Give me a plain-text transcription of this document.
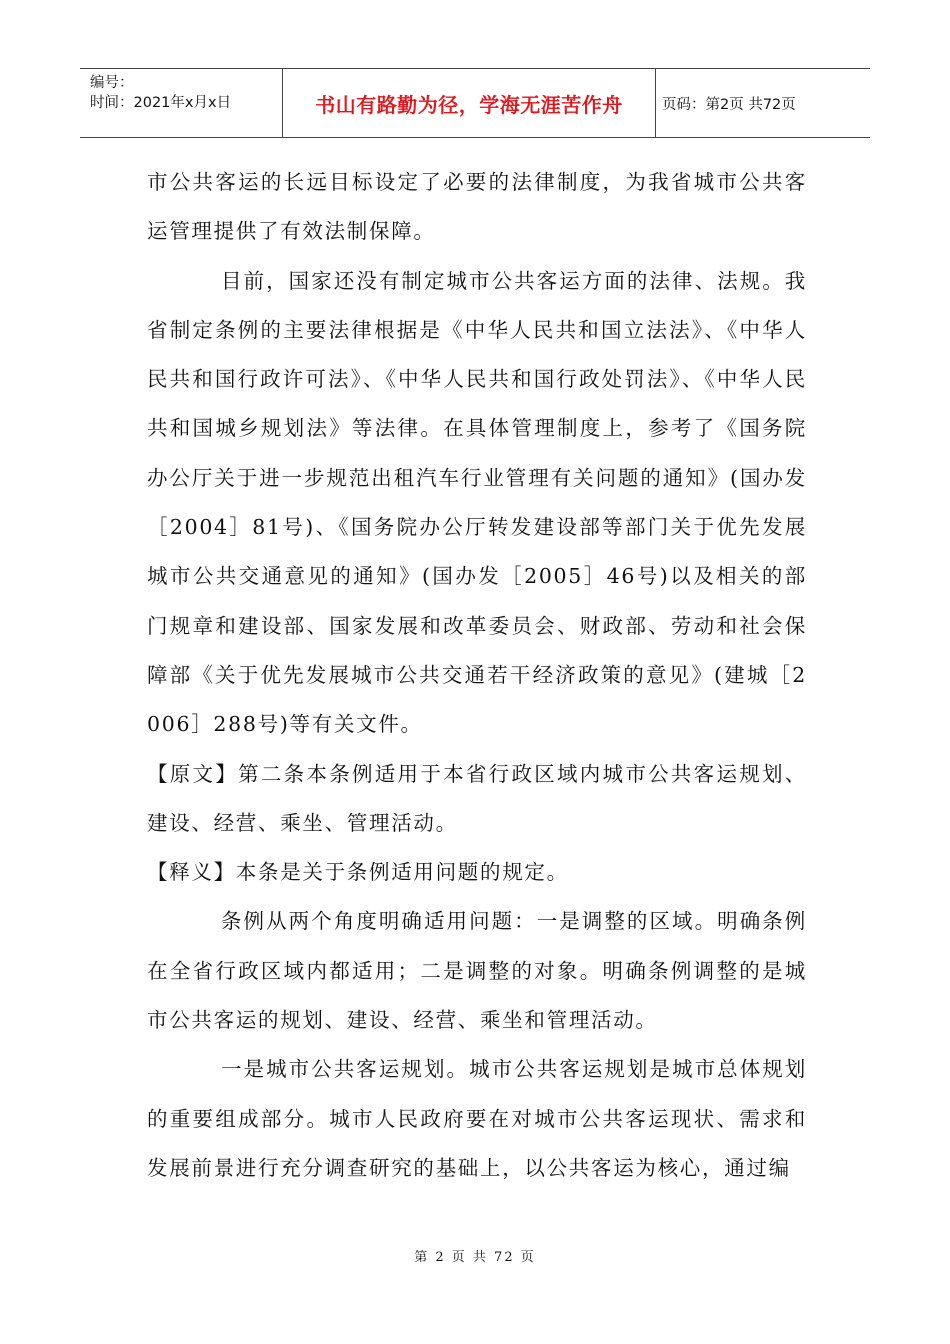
编号：
时间：2021年x月x日	书山有路勤为径，学海无涯苦作舟	页码：第2页 共72页

市公共客运的长远目标设定了必要的法律制度，为我省城市公共客运管理提供了有效法制保障。

目前，国家还没有制定城市公共客运方面的法律、法规。我省制定条例的主要法律根据是《中华人民共和国立法法》、《中华人民共和国行政许可法》、《中华人民共和国行政处罚法》、《中华人民共和国城乡规划法》等法律。在具体管理制度上，参考了《国务院办公厅关于进一步规范出租汽车行业管理有关问题的通知》(国办发［2004］81号)、《国务院办公厅转发建设部等部门关于优先发展城市公共交通意见的通知》(国办发［2005］46号)以及相关的部门规章和建设部、国家发展和改革委员会、财政部、劳动和社会保障部《关于优先发展城市公共交通若干经济政策的意见》(建城［2006］288号)等有关文件。

【原文】第二条本条例适用于本省行政区域内城市公共客运规划、建设、经营、乘坐、管理活动。

【释义】本条是关于条例适用问题的规定。

条例从两个角度明确适用问题：一是调整的区域。明确条例在全省行政区域内都适用；二是调整的对象。明确条例调整的是城市公共客运的规划、建设、经营、乘坐和管理活动。

一是城市公共客运规划。城市公共客运规划是城市总体规划的重要组成部分。城市人民政府要在对城市公共客运现状、需求和发展前景进行充分调查研究的基础上，以公共客运为核心，通过编

第 2 页 共 72 页
